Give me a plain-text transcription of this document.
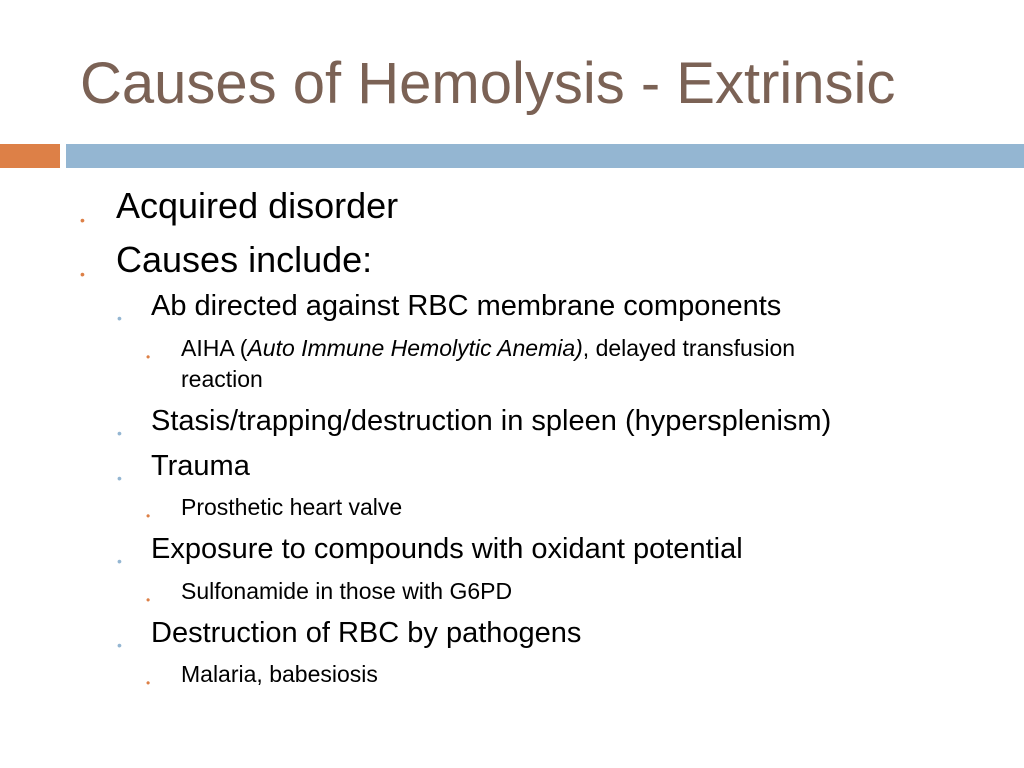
Causes of Hemolysis - Extrinsic
• Acquired disorder
• Causes include:
• Ab directed against RBC membrane components
• AIHA (Auto Immune Hemolytic Anemia), delayed transfusion
reaction
• Stasis/trapping/destruction in spleen (hypersplenism)
• Trauma
• Prosthetic heart valve
• Exposure to compounds with oxidant potential
• Sulfonamide in those with G6PD
• Destruction of RBC by pathogens
• Malaria, babesiosis
